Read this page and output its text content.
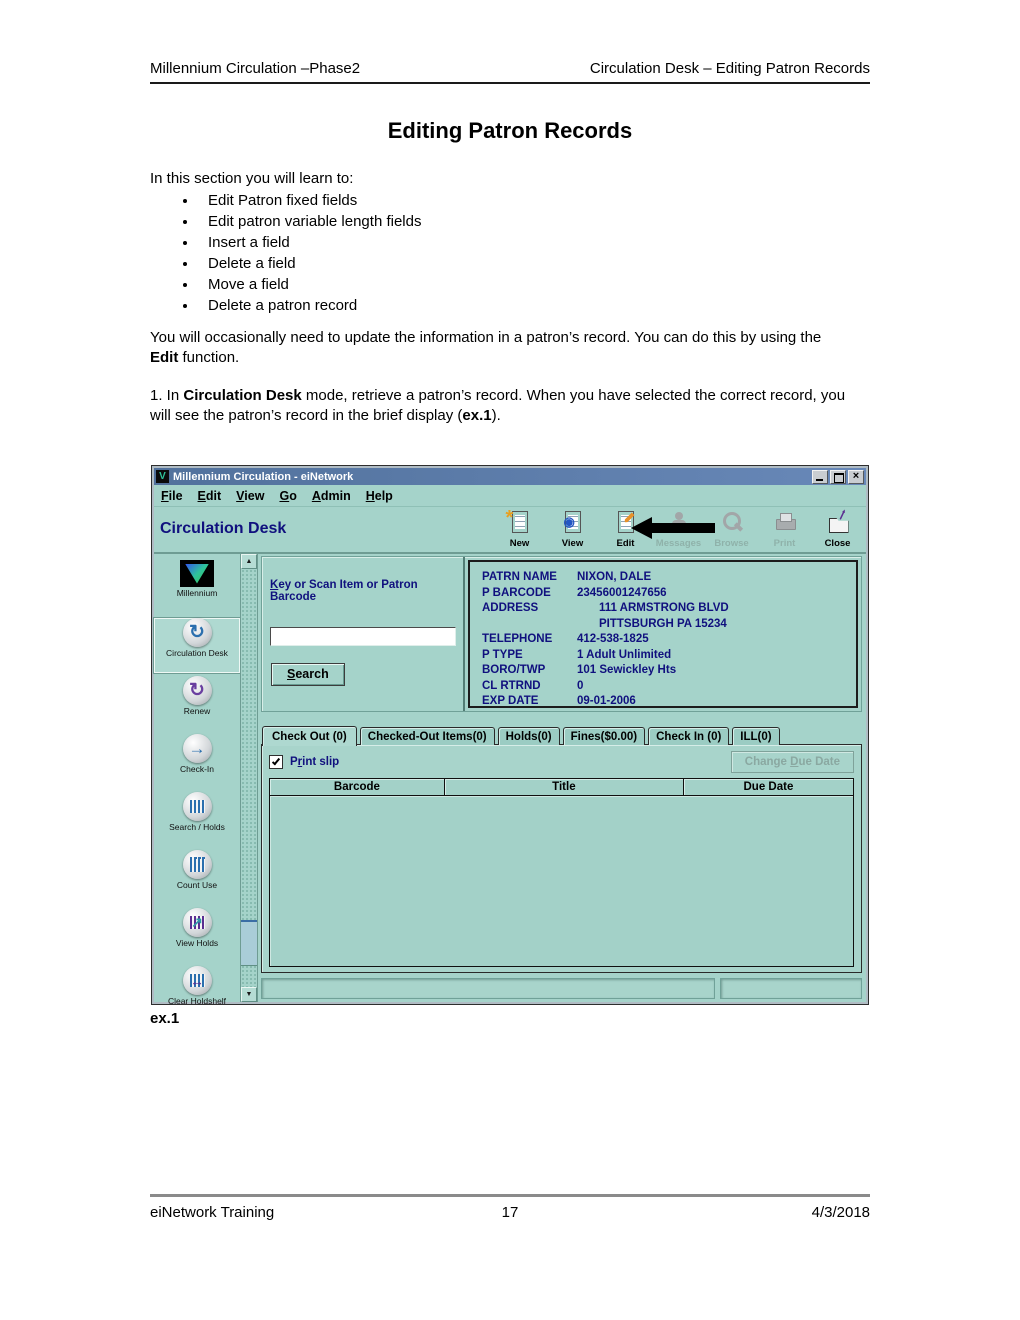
Millennium Circulation –Phase2	Circulation Desk – Editing Patron Records
Editing Patron Records

In this section you will learn to:

• Edit Patron fixed fields
• Edit patron variable length fields
• Insert a field
• Delete a field
• Move a field
• Delete a patron record

You will occasionally need to update the information in a patron’s record. You can do this by using the Edit function.

1. In Circulation Desk mode, retrieve a patron’s record. When you have selected the correct record, you will see the patron’s record in the brief display (ex.1).

V Millennium Circulation - eiNetwork	×
File Edit View Go Admin Help
Circulation Desk	*
New
◉
View	Edit	Messages	Browse	Print	Close
Millennium
↻
Circulation Desk
↻
Renew
→
Check-In
Search / Holds
Count Use
↗
View Holds
↔
Clear Holdshelf
▲
▼
Key or Scan Item or Patron Barcode
Search
PATRN NAME	NIXON, DALE
P BARCODE	23456001247656
ADDRESS	111 ARMSTRONG BLVD
PITTSBURGH PA 15234
TELEPHONE	412-538-1825
P TYPE	1 Adult Unlimited
BORO/TWP	101 Sewickley Hts
CL RTRND	0
EXP DATE	09-01-2006
Check Out (0)	Checked-Out Items(0)	Holds(0)	Fines($0.00)	Check In (0)	ILL(0)
Print slip	Change Due Date
Barcode	Title	Due Date
ex.1
eiNetwork Training	17	4/3/2018
